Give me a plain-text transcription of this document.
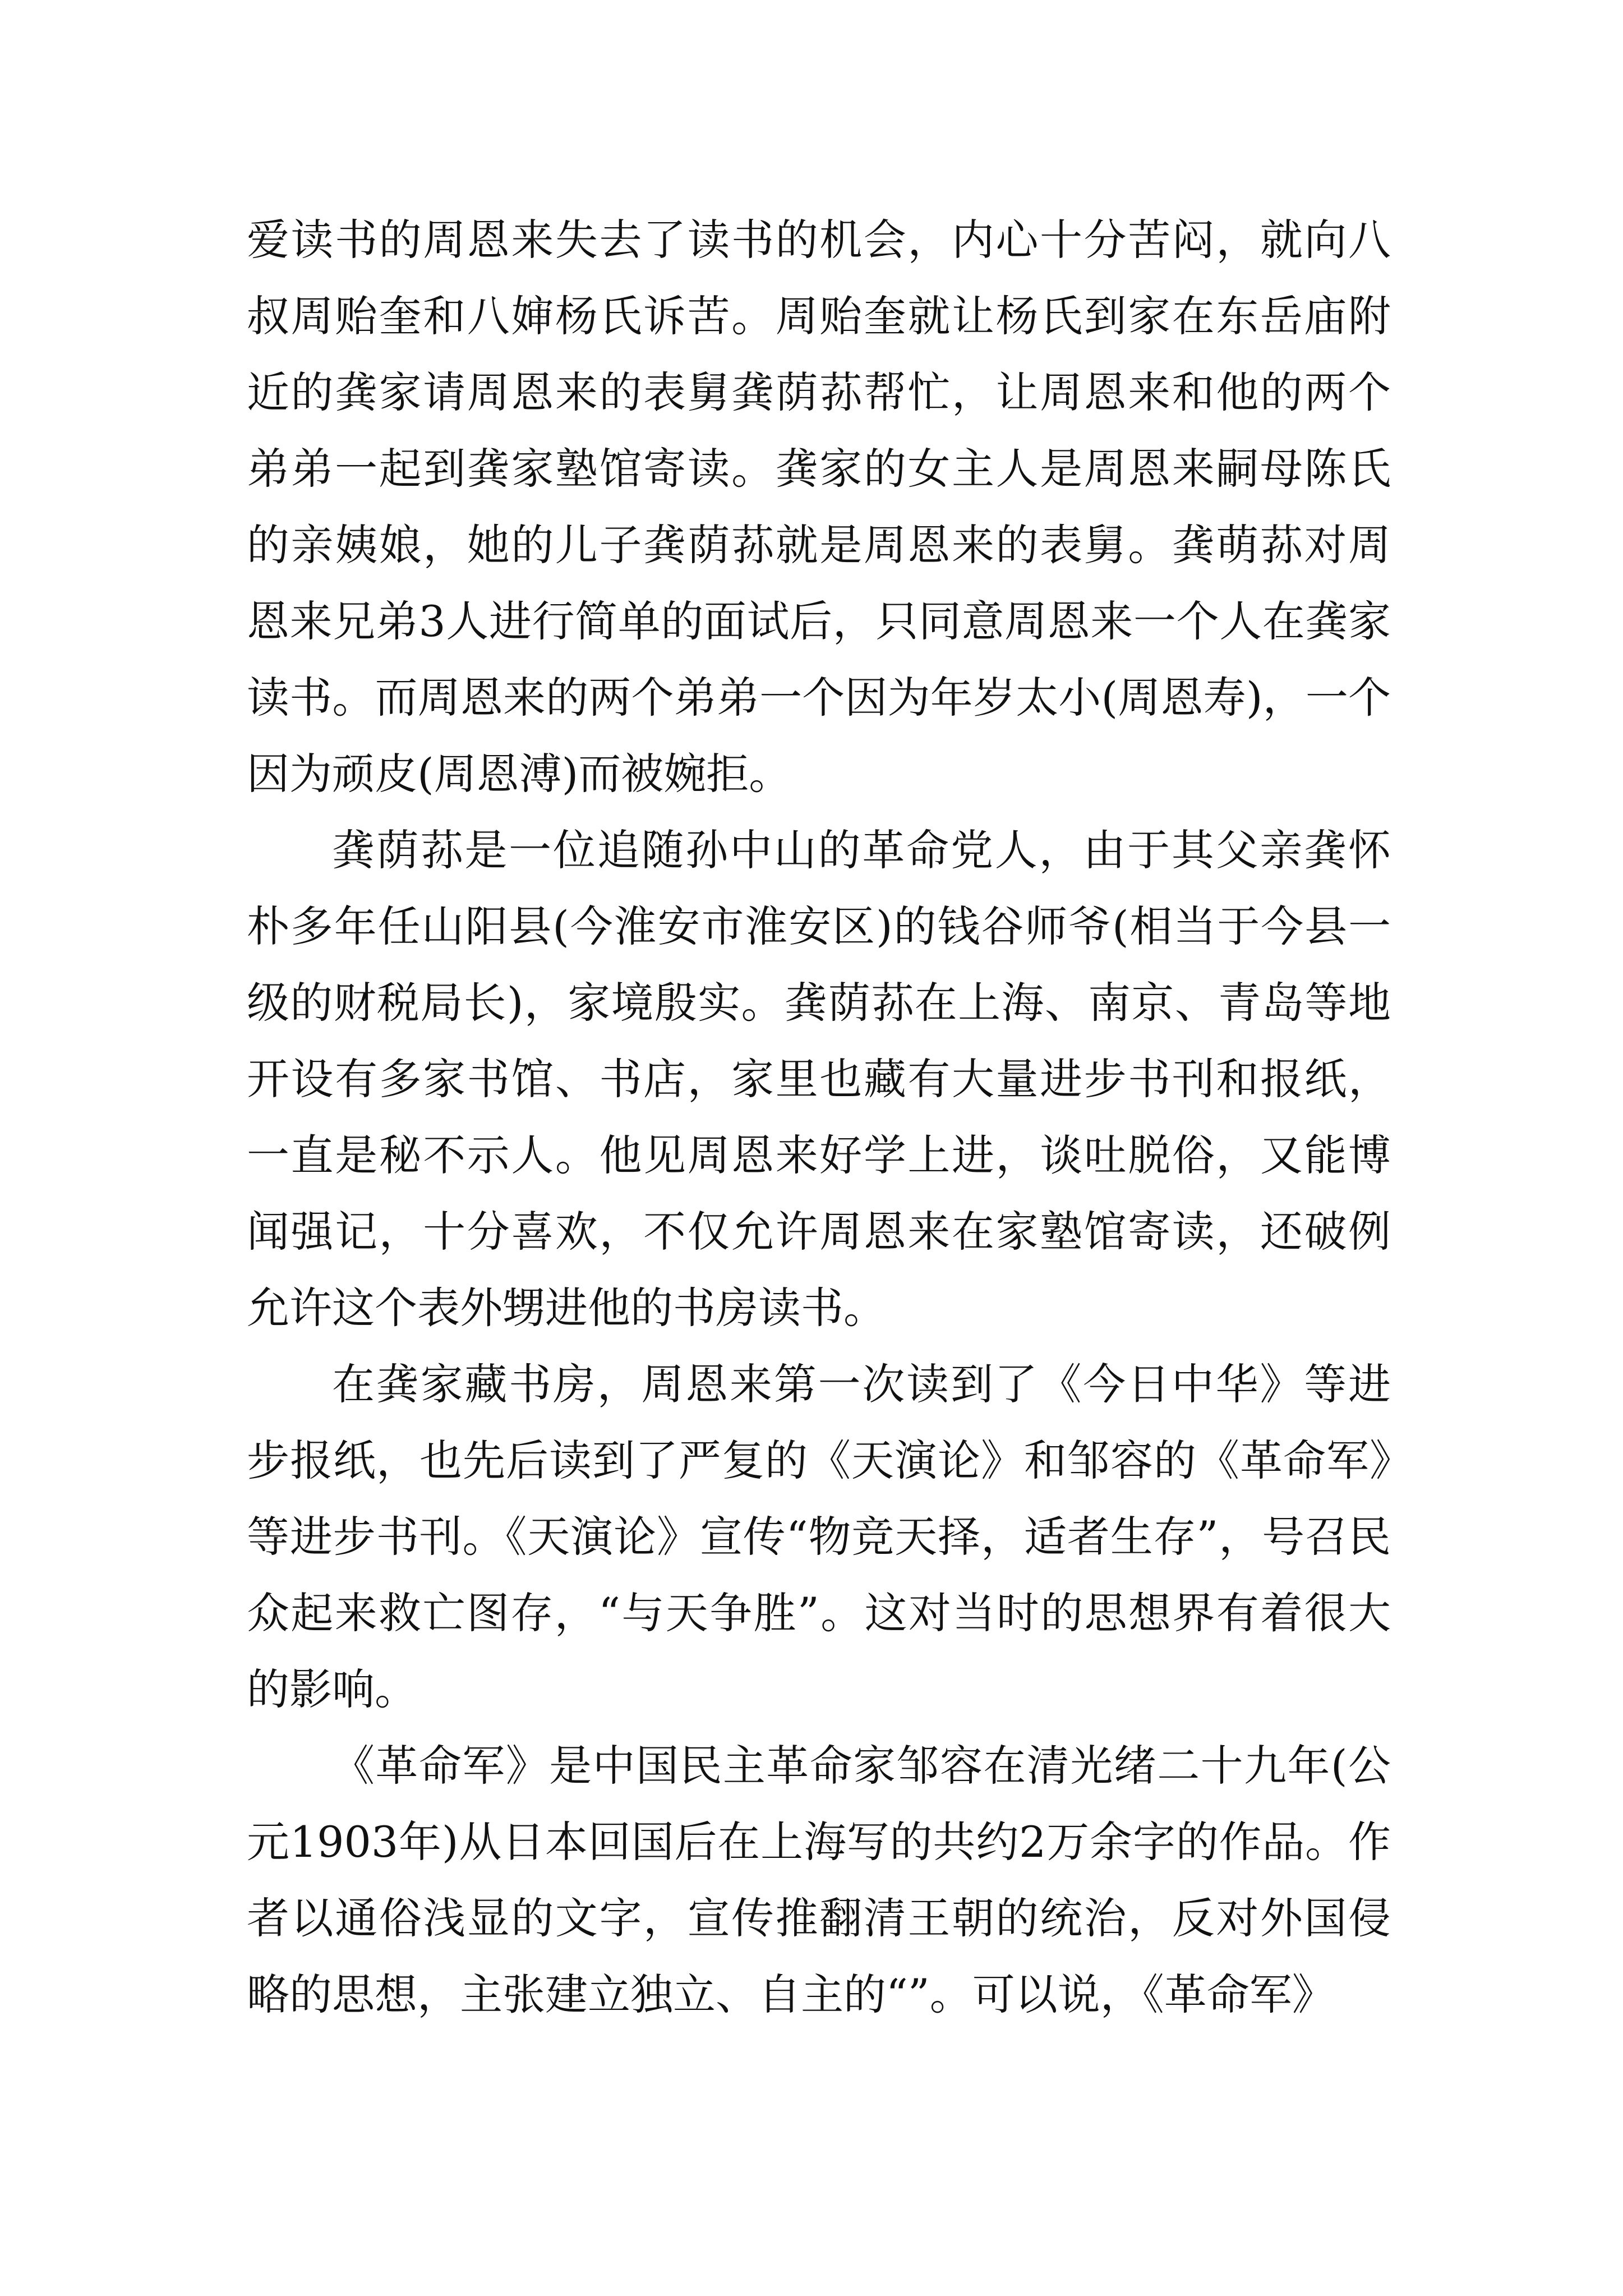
爱读书的周恩来失去了读书的机会，内心十分苦闷，就向八叔周贻奎和八婶杨氏诉苦。周贻奎就让杨氏到家在东岳庙附近的龚家请周恩来的表舅龚荫荪帮忙，让周恩来和他的两个弟弟一起到龚家塾馆寄读。龚家的女主人是周恩来嗣母陈氏的亲姨娘，她的儿子龚荫荪就是周恩来的表舅。龚萌荪对周恩来兄弟3人进行简单的面试后，只同意周恩来一个人在龚家读书。而周恩来的两个弟弟一个因为年岁太小(周恩寿)，一个因为顽皮(周恩溥)而被婉拒。

龚荫荪是一位追随孙中山的革命党人，由于其父亲龚怀朴多年任山阳县(今淮安市淮安区)的钱谷师爷(相当于今县一级的财税局长)，家境殷实。龚荫荪在上海、南京、青岛等地开设有多家书馆、书店，家里也藏有大量进步书刊和报纸，一直是秘不示人。他见周恩来好学上进，谈吐脱俗，又能博闻强记，十分喜欢，不仅允许周恩来在家塾馆寄读，还破例允许这个表外甥进他的书房读书。

在龚家藏书房，周恩来第一次读到了《今日中华》等进步报纸，也先后读到了严复的《天演论》和邹容的《革命军》等进步书刊。《天演论》宣传“物竞天择，适者生存”，号召民众起来救亡图存，“与天争胜”。这对当时的思想界有着很大的影响。

《革命军》是中国民主革命家邹容在清光绪二十九年(公元1903年)从日本回国后在上海写的共约2万余字的作品。作者以通俗浅显的文字，宣传推翻清王朝的统治，反对外国侵略的思想，主张建立独立、自主的“”。可以说，《革命军》
